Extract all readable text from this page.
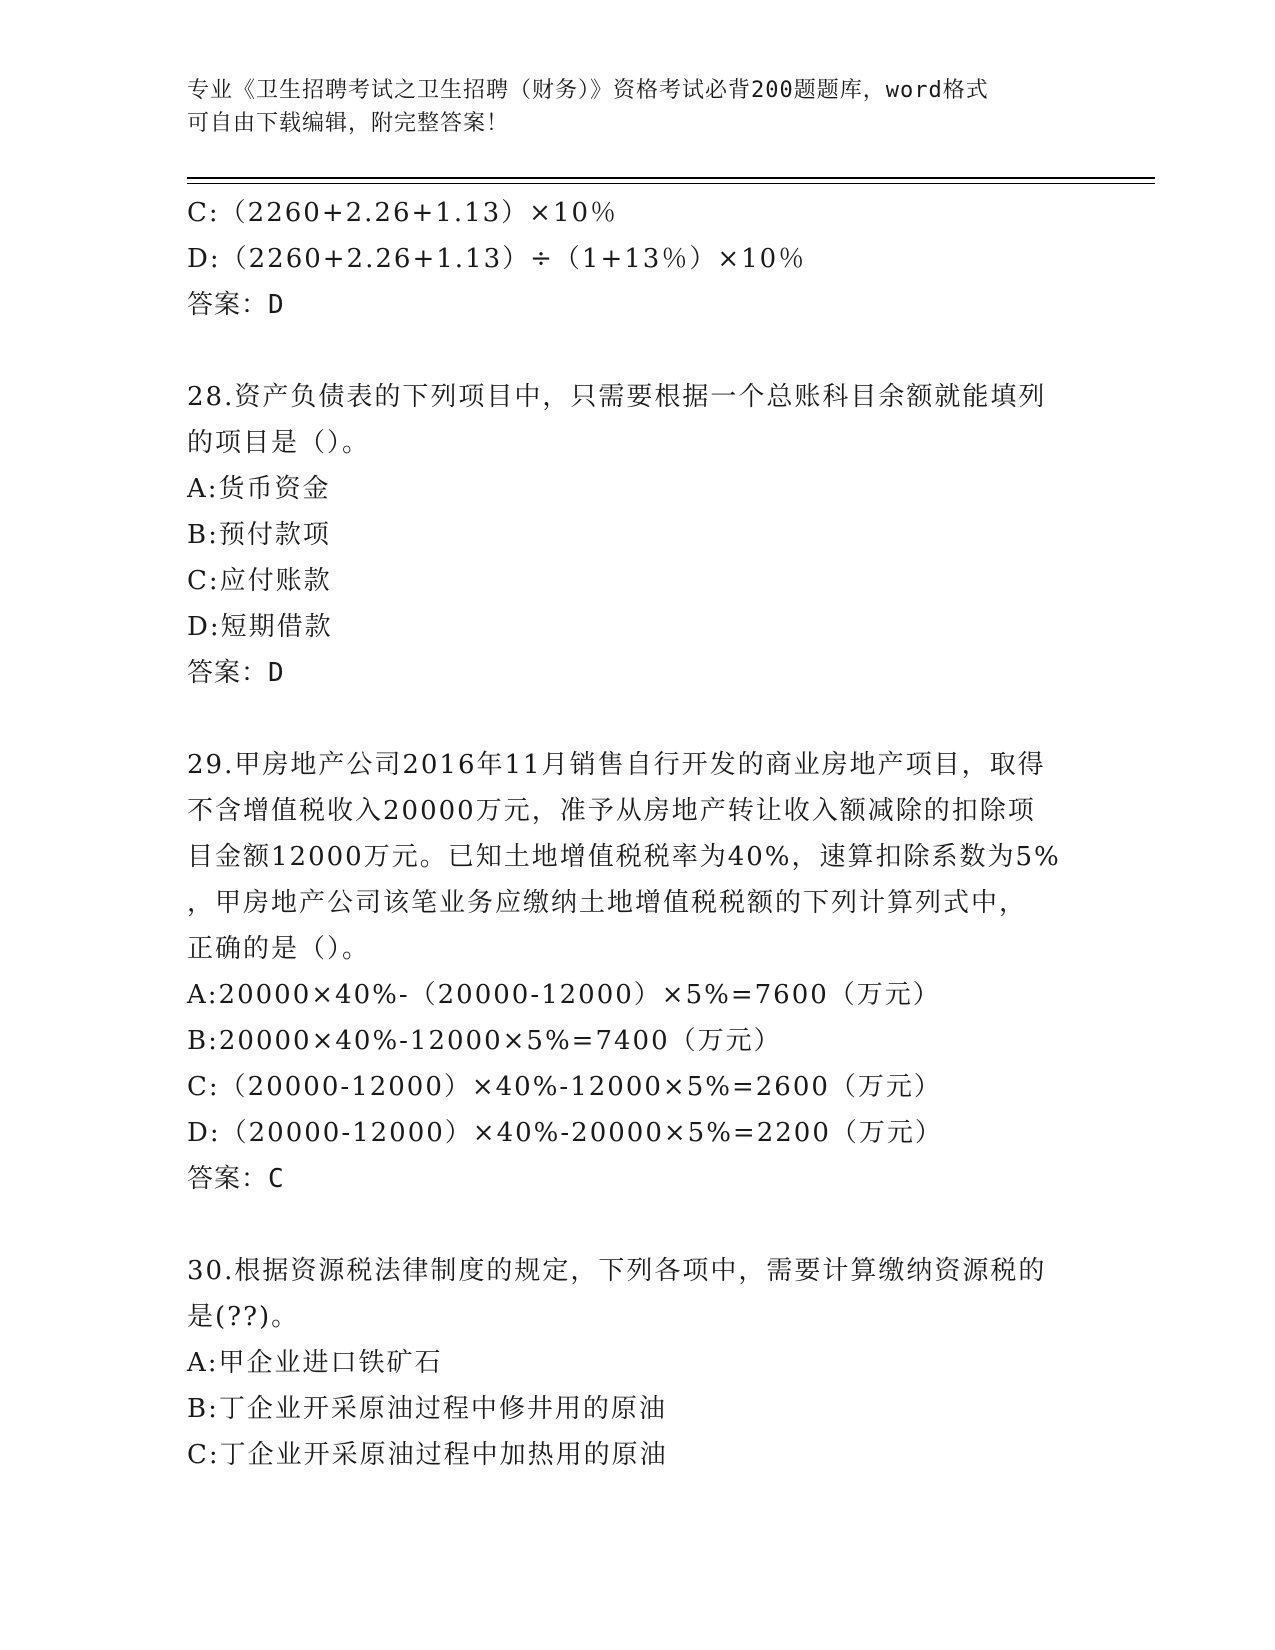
专业《卫生招聘考试之卫生招聘（财务）》资格考试必背200题题库，word格式
可自由下载编辑，附完整答案！
C:（2260+2.26+1.13）×10％
D:（2260+2.26+1.13）÷（1+13％）×10％
答案：D
28.资产负债表的下列项目中，只需要根据一个总账科目余额就能填列
的项目是（）。
A:货币资金
B:预付款项
C:应付账款
D:短期借款
答案：D
29.甲房地产公司2016年11月销售自行开发的商业房地产项目，取得
不含增值税收入20000万元，准予从房地产转让收入额减除的扣除项
目金额12000万元。已知土地增值税税率为40%，速算扣除系数为5%
，甲房地产公司该笔业务应缴纳土地增值税税额的下列计算列式中，
正确的是（）。
A:20000×40%-（20000-12000）×5%=7600（万元）
B:20000×40%-12000×5%=7400（万元）
C:（20000-12000）×40%-12000×5%=2600（万元）
D:（20000-12000）×40%-20000×5%=2200（万元）
答案：C
30.根据资源税法律制度的规定，下列各项中，需要计算缴纳资源税的
是(??)。
A:甲企业进口铁矿石
B:丁企业开采原油过程中修井用的原油
C:丁企业开采原油过程中加热用的原油
